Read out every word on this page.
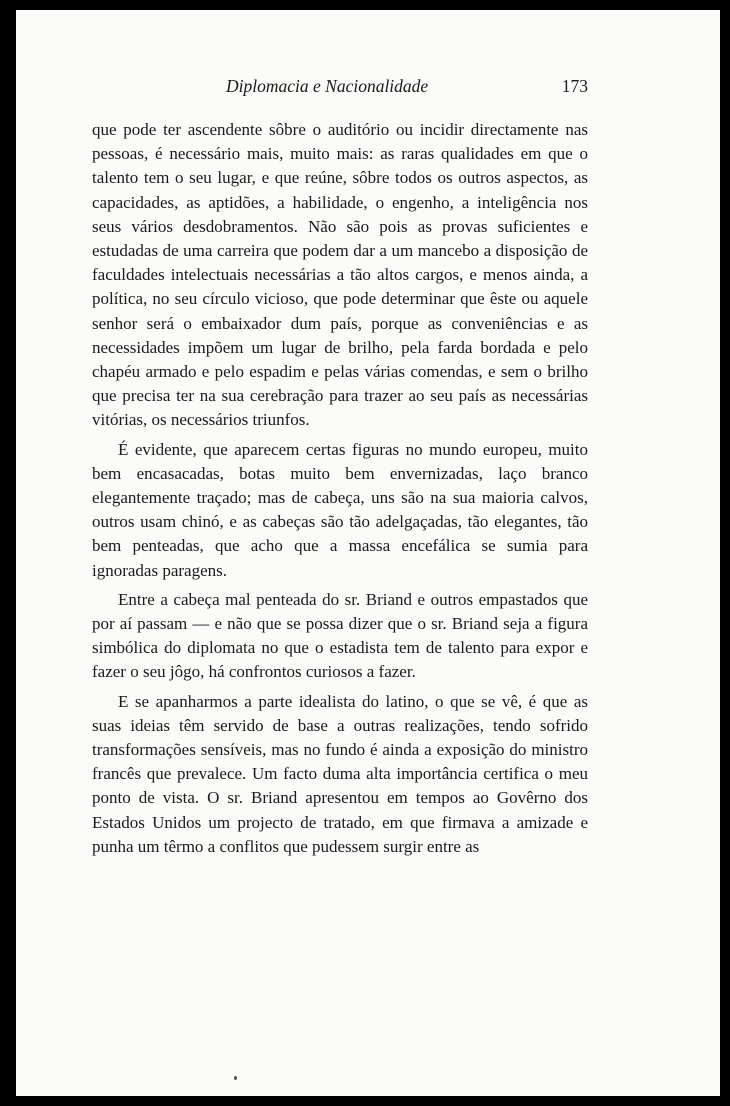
Diplomacia e Nacionalidade	173

que pode ter ascendente sôbre o auditório ou incidir directamente nas pessoas, é necessário mais, muito mais: as raras qualidades em que o talento tem o seu lugar, e que reúne, sôbre todos os outros aspectos, as capacidades, as aptidões, a habilidade, o engenho, a inteligência nos seus vários desdobramentos. Não são pois as provas suficientes e estudadas de uma carreira que podem dar a um mancebo a disposição de faculdades intelectuais necessárias a tão altos cargos, e menos ainda, a política, no seu círculo vicioso, que pode determinar que êste ou aquele senhor será o embaixador dum país, porque as conveniências e as necessidades impõem um lugar de brilho, pela farda bordada e pelo chapéu armado e pelo espadim e pelas várias comendas, e sem o brilho que precisa ter na sua cerebração para trazer ao seu país as necessárias vitórias, os necessários triunfos.

É evidente, que aparecem certas figuras no mundo europeu, muito bem encasacadas, botas muito bem envernizadas, laço branco elegantemente traçado; mas de cabeça, uns são na sua maioria calvos, outros usam chinó, e as cabeças são tão adelgaçadas, tão elegantes, tão bem penteadas, que acho que a massa encefálica se sumia para ignoradas paragens.

Entre a cabeça mal penteada do sr. Briand e outros empastados que por aí passam — e não que se possa dizer que o sr. Briand seja a figura simbólica do diplomata no que o estadista tem de talento para expor e fazer o seu jôgo, há confrontos curiosos a fazer.

E se apanharmos a parte idealista do latino, o que se vê, é que as suas ideias têm servido de base a outras realizações, tendo sofrido transformações sensíveis, mas no fundo é ainda a exposição do ministro francês que prevalece. Um facto duma alta importância certifica o meu ponto de vista. O sr. Briand apresentou em tempos ao Govêrno dos Estados Unidos um projecto de tratado, em que firmava a amizade e punha um têrmo a conflitos que pudessem surgir entre as
